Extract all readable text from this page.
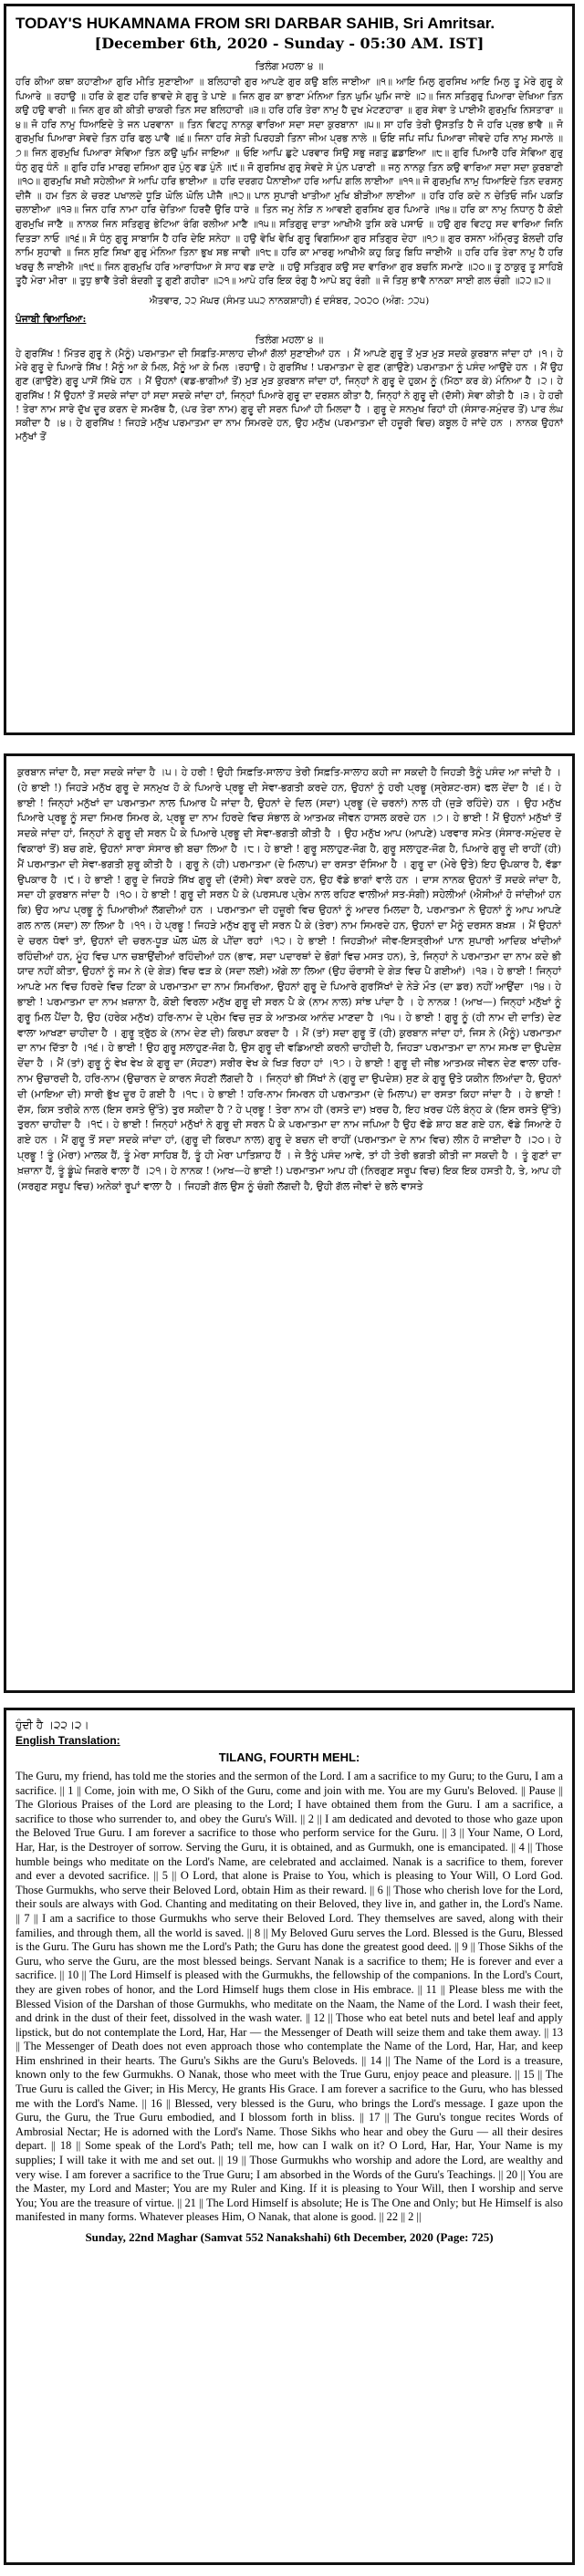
TODAY'S HUKAMNAMA FROM SRI DARBAR SAHIB, Sri Amritsar.
[December 6th, 2020 - Sunday - 05:30 AM. IST]
ਤਿਲੰਗ ਮਹਲਾ ੪ ॥
ਹਰਿ ਕੀਆ ਕਥਾ ਕਹਾਣੀਆ ਗੁਰਿ ਮੀਤਿ ਸੁਣਾਈਆ ॥ ਬਲਿਹਾਰੀ ਗੁਰ ਆਪਣੇ ਗੁਰ ਕਉ ਬਲਿ ਜਾਈਆ ॥੧॥ ਆਇ ਮਿਲੁ ਗੁਰਸਿਖ ਆਇ ਮਿਲੁ ਤੂ ਮੇਰੇ ਗੁਰੂ ਕੇ ਪਿਆਰੇ ॥ ਰਹਾਉ ॥ ਹਰਿ ਕੇ ਗੁਣ ਹਰਿ ਭਾਵਦੇ ਸੇ ਗੁਰੂ ਤੇ ਪਾਏ ॥ ਜਿਨ ਗੁਰ ਕਾ ਭਾਣਾ ਮੰਨਿਆ ਤਿਨ ਘੁਮਿ ਘੁਮਿ ਜਾਏ ॥੨॥ ਜਿਨ ਸਤਿਗੁਰੁ ਪਿਆਰਾ ਦੇਖਿਆ ਤਿਨ ਕਉ ਹਉ ਵਾਰੀ ॥ ਜਿਨ ਗੁਰ ਕੀ ਕੀਤੀ ਚਾਕਰੀ ਤਿਨ ਸਦ ਬਲਿਹਾਰੀ ॥੩॥ ਹਰਿ ਹਰਿ ਤੇਰਾ ਨਾਮੁ ਹੈ ਦੁਖ ਮੇਟਣਹਾਰਾ ॥ ਗੁਰ ਸੇਵਾ ਤੇ ਪਾਈਐ ਗੁਰਮੁਖਿ ਨਿਸਤਾਰਾ ॥੪॥ ਜੋ ਹਰਿ ਨਾਮੁ ਧਿਆਇਦੇ ਤੇ ਜਨ ਪਰਵਾਨਾ ॥ ਤਿਨ ਵਿਟਹੁ ਨਾਨਕੁ ਵਾਰਿਆ ਸਦਾ ਸਦਾ ਕੁਰਬਾਨਾ ॥੫॥ ਸਾ ਹਰਿ ਤੇਰੀ ਉਸਤਤਿ ਹੈ ਜੋ ਹਰਿ ਪ੍ਰਭ ਭਾਵੈ ॥ ਜੋ ਗੁਰਮੁਖਿ ਪਿਆਰਾ ਸੇਵਦੇ ਤਿਨ ਹਰਿ ਫਲੁ ਪਾਵੈ ॥੬॥ ਜਿਨਾ ਹਰਿ ਸੇਤੀ ਪਿਰਹੜੀ ਤਿਨਾ ਜੀਅ ਪ੍ਰਭ ਨਾਲੇ ॥ ਓਇ ਜਪਿ ਜਪਿ ਪਿਆਰਾ ਜੀਵਦੇ ਹਰਿ ਨਾਮੁ ਸਮਾਲੇ ॥੭॥ ਜਿਨ ਗੁਰਮੁਖਿ ਪਿਆਰਾ ਸੇਵਿਆ ਤਿਨ ਕਉ ਘੁਮਿ ਜਾਇਆ ॥ ਓਇ ਆਪਿ ਛੁਟੇ ਪਰਵਾਰ ਸਿਉ ਸਭੁ ਜਗਤੁ ਛਡਾਇਆ ॥੮॥ ਗੁਰਿ ਪਿਆਰੈ ਹਰਿ ਸੇਵਿਆ ਗੁਰੁ ਧੰਨੁ ਗੁਰੁ ਧੰਨੋ ॥ ਗੁਰਿ ਹਰਿ ਮਾਰਗੁ ਦਸਿਆ ਗੁਰ ਪੁੰਨੁ ਵਡ ਪੁੰਨੋ ॥੯॥ ਜੋ ਗੁਰਸਿਖ ਗੁਰੁ ਸੇਵਦੇ ਸੇ ਪੁੰਨ ਪਰਾਣੀ ॥ ਜਨੁ ਨਾਨਕੁ ਤਿਨ ਕਉ ਵਾਰਿਆ ਸਦਾ ਸਦਾ ਕੁਰਬਾਣੀ ॥੧੦॥ ਗੁਰਮੁਖਿ ਸਖੀ ਸਹੇਲੀਆ ਸੇ ਆਪਿ ਹਰਿ ਭਾਈਆ ॥ ਹਰਿ ਦਰਗਹ ਪੈਨਾਈਆ ਹਰਿ ਆਪਿ ਗਲਿ ਲਾਈਆ ॥੧੧॥ ਜੋ ਗੁਰਮੁਖਿ ਨਾਮੁ ਧਿਆਇਦੇ ਤਿਨ ਦਰਸਨੁ ਦੀਜੈ ॥ ਹਮ ਤਿਨ ਕੇ ਚਰਣ ਪਖਾਲਦੇ ਧੂੜਿ ਘੋਲਿ ਘੋਲਿ ਪੀਜੈ ॥੧੨॥ ਪਾਨ ਸੁਪਾਰੀ ਖਾਤੀਆ ਮੁਖਿ ਬੀੜੀਆ ਲਾਈਆ ॥ ਹਰਿ ਹਰਿ ਕਦੇ ਨ ਚੇਤਿਓ ਜਮਿ ਪਕੜਿ ਚਲਾਈਆ ॥੧੩॥ ਜਿਨ ਹਰਿ ਨਾਮਾ ਹਰਿ ਚੇਤਿਆ ਹਿਰਦੈ ਉਰਿ ਧਾਰੇ ॥ ਤਿਨ ਜਮੁ ਨੇੜਿ ਨ ਆਵਈ ਗੁਰਸਿਖ ਗੁਰ ਪਿਆਰੇ ॥੧੪॥ ਹਰਿ ਕਾ ਨਾਮੁ ਨਿਧਾਨੁ ਹੈ ਕੋਈ ਗੁਰਮੁਖਿ ਜਾਣੈ ॥ ਨਾਨਕ ਜਿਨ ਸਤਿਗੁਰੁ ਭੇਟਿਆ ਰੰਗਿ ਰਲੀਆ ਮਾਣੈ ॥੧੫॥ ਸਤਿਗੁਰੁ ਦਾਤਾ ਆਖੀਐ ਤੁਸਿ ਕਰੇ ਪਸਾਓ ॥ ਹਉ ਗੁਰ ਵਿਟਹੁ ਸਦ ਵਾਰਿਆ ਜਿਨਿ ਦਿਤੜਾ ਨਾਓ ॥੧੬॥ ਸੋ ਧੰਨੁ ਗੁਰੂ ਸਾਬਾਸਿ ਹੈ ਹਰਿ ਦੇਇ ਸਨੇਹਾ ॥ ਹਉ ਵੇਖਿ ਵੇਖਿ ਗੁਰੂ ਵਿਗਸਿਆ ਗੁਰ ਸਤਿਗੁਰ ਦੇਹਾ ॥੧੭॥ ਗੁਰ ਰਸਨਾ ਅੰਮ੍ਰਿਤੁ ਬੋਲਦੀ ਹਰਿ ਨਾਮਿ ਸੁਹਾਵੀ ॥ ਜਿਨ ਸੁਣਿ ਸਿਖਾ ਗੁਰੁ ਮੰਨਿਆ ਤਿਨਾ ਭੁਖ ਸਭ ਜਾਵੀ ॥੧੮॥ ਹਰਿ ਕਾ ਮਾਰਗੁ ਆਖੀਐ ਕਹੁ ਕਿਤੁ ਬਿਧਿ ਜਾਈਐ ॥ ਹਰਿ ਹਰਿ ਤੇਰਾ ਨਾਮੁ ਹੈ ਹਰਿ ਖਰਚੁ ਲੈ ਜਾਈਐ ॥੧੯॥ ਜਿਨ ਗੁਰਮੁਖਿ ਹਰਿ ਆਰਾਧਿਆ ਸੇ ਸਾਹ ਵਡ ਦਾਣੇ ॥ ਹਉ ਸਤਿਗੁਰ ਕਉ ਸਦ ਵਾਰਿਆ ਗੁਰ ਬਚਨਿ ਸਮਾਣੇ ॥੨੦॥ ਤੂ ਠਾਕੁਰੁ ਤੂ ਸਾਹਿਬੋ ਤੂਹੈ ਮੇਰਾ ਮੀਰਾ ॥ ਤੁਧੁ ਭਾਵੈ ਤੇਰੀ ਬੰਦਗੀ ਤੂ ਗੁਣੀ ਗਹੀਰਾ ॥੨੧॥ ਆਪੇ ਹਰਿ ਇਕ ਰੰਗੁ ਹੈ ਆਪੇ ਬਹੁ ਰੰਗੀ ॥ ਜੋ ਤਿਸੁ ਭਾਵੈ ਨਾਨਕਾ ਸਾਈ ਗਲ ਚੰਗੀ ॥੨੨॥੨॥
ਐਤਵਾਰ, ੨੨ ਮੱਘਰ (ਸੰਮਤ ੫੫੨ ਨਾਨਕਸ਼ਾਹੀ) ੬ ਦਸੰਬਰ, ੨੦੨੦ (ਅੰਗ: ੭੨੫)
ਪੰਜਾਬੀ ਵਿਆਖਿਆ:
ਤਿਲੰਗ ਮਹਲਾ ੪ ॥
ਹੇ ਗੁਰਸਿੱਖ ! ਮਿੱਤਰ ਗੁਰੂ ਨੇ (ਮੈਨੂੰ) ਪਰਮਾਤਮਾ ਦੀ ਸਿਫ਼ਤਿ-ਸਾਲਾਹ ਦੀਆਂ ਗੱਲਾਂ ਸੁਣਾਈਆਂ ਹਨ । ਮੈਂ ਆਪਣੇ ਗੁਰੂ ਤੋਂ ਮੁੜ ਮੁੜ ਸਦਕੇ ਕੁਰਬਾਨ ਜਾਂਦਾ ਹਾਂ ।੧। ਹੇ ਮੇਰੇ ਗੁਰੂ ਦੇ ਪਿਆਰੇ ਸਿੱਖ ! ਮੈਨੂੰ ਆ ਕੇ ਮਿਲ, ਮੈਨੂੰ ਆ ਕੇ ਮਿਲ ।ਰਹਾਉ। ਹੇ ਗੁਰਸਿੱਖ ! ਪਰਮਾਤਮਾ ਦੇ ਗੁਣ (ਗਾਉਣੇ) ਪਰਮਾਤਮਾ ਨੂੰ ਪਸੰਦ ਆਉਂਦੇ ਹਨ । ਮੈਂ ਉਹ ਗੁਣ (ਗਾਉਣੇ) ਗੁਰੂ ਪਾਸੋਂ ਸਿੱਖੇ ਹਨ । ਮੈਂ ਉਹਨਾਂ (ਵਡ-ਭਾਗੀਆਂ ਤੋਂ) ਮੁੜ ਮੁੜ ਕੁਰਬਾਨ ਜਾਂਦਾ ਹਾਂ, ਜਿਨ੍ਹਾਂ ਨੇ ਗੁਰੂ ਦੇ ਹੁਕਮ ਨੂੰ (ਮਿੱਠਾ ਕਰ ਕੇ) ਮੰਨਿਆ ਹੈ ।੨। ਹੇ ਗੁਰਸਿੱਖ ! ਮੈਂ ਉਹਨਾਂ ਤੋਂ ਸਦਕੇ ਜਾਂਦਾ ਹਾਂ ਸਦਾ ਸਦਕੇ ਜਾਂਦਾ ਹਾਂ, ਜਿਨ੍ਹਾਂ ਪਿਆਰੇ ਗੁਰੂ ਦਾ ਦਰਸ਼ਨ ਕੀਤਾ ਹੈ, ਜਿਨ੍ਹਾਂ ਨੇ ਗੁਰੂ ਦੀ (ਦੱਸੀ) ਸੇਵਾ ਕੀਤੀ ਹੈ ।੩। ਹੇ ਹਰੀ ! ਤੇਰਾ ਨਾਮ ਸਾਰੇ ਦੁੱਖ ਦੂਰ ਕਰਨ ਦੇ ਸਮਰੱਥ ਹੈ, (ਪਰ ਤੇਰਾ ਨਾਮ) ਗੁਰੂ ਦੀ ਸਰਨ ਪਿਆਂ ਹੀ ਮਿਲਦਾ ਹੈ । ਗੁਰੂ ਦੇ ਸਨਮੁਖ ਰਿਹਾਂ ਹੀ (ਸੰਸਾਰ-ਸਮੁੰਦਰ ਤੋਂ) ਪਾਰ ਲੰਘ ਸਕੀਦਾ ਹੈ ।੪। ਹੇ ਗੁਰਸਿੱਖ ! ਜਿਹੜੇ ਮਨੁੱਖ ਪਰਮਾਤਮਾ ਦਾ ਨਾਮ ਸਿਮਰਦੇ ਹਨ, ਉਹ ਮਨੁੱਖ (ਪਰਮਾਤਮਾ ਦੀ ਹਜ਼ੂਰੀ ਵਿਚ) ਕਬੂਲ ਹੋ ਜਾਂਦੇ ਹਨ । ਨਾਨਕ ਉਹਨਾਂ ਮਨੁੱਖਾਂ ਤੋਂ
ਕੁਰਬਾਨ ਜਾਂਦਾ ਹੈ, ਸਦਾ ਸਦਕੇ ਜਾਂਦਾ ਹੈ ।੫। ਹੇ ਹਰੀ ! ਉਹੀ ਸਿਫ਼ਤਿ-ਸਾਲਾਹ ਤੇਰੀ ਸਿਫ਼ਤਿ-ਸਾਲਾਹ ਕਹੀ ਜਾ ਸਕਦੀ ਹੈ ਜਿਹੜੀ ਤੈਨੂੰ ਪਸੰਦ ਆ ਜਾਂਦੀ ਹੈ । (ਹੇ ਭਾਈ !) ਜਿਹੜੇ ਮਨੁੱਖ ਗੁਰੂ ਦੇ ਸਨਮੁਖ ਹੋ ਕੇ ਪਿਆਰੇ ਪ੍ਰਭੂ ਦੀ ਸੇਵਾ-ਭਗਤੀ ਕਰਦੇ ਹਨ, ਉਹਨਾਂ ਨੂੰ ਹਰੀ ਪ੍ਰਭੂ (ਸ੍ਰੇਸ਼ਟ-ਰਸ) ਫਲ ਦੇਂਦਾ ਹੈ ।੬। ਹੇ ਭਾਈ ! ਜਿਨ੍ਹਾਂ ਮਨੁੱਖਾਂ ਦਾ ਪਰਮਾਤਮਾ ਨਾਲ ਪਿਆਰ ਪੈ ਜਾਂਦਾ ਹੈ, ਉਹਨਾਂ ਦੇ ਦਿਲ (ਸਦਾ) ਪ੍ਰਭੂ (ਦੇ ਚਰਨਾਂ) ਨਾਲ ਹੀ (ਜੁੜੇ ਰਹਿੰਦੇ) ਹਨ । ਉਹ ਮਨੁੱਖ ਪਿਆਰੇ ਪ੍ਰਭੂ ਨੂੰ ਸਦਾ ਸਿਮਰ ਸਿਮਰ ਕੇ, ਪ੍ਰਭੂ ਦਾ ਨਾਮ ਹਿਰਦੇ ਵਿਚ ਸੰਭਾਲ ਕੇ ਆਤਮਕ ਜੀਵਨ ਹਾਸਲ ਕਰਦੇ ਹਨ ।੭। ਹੇ ਭਾਈ ! ਮੈਂ ਉਹਨਾਂ ਮਨੁੱਖਾਂ ਤੋਂ ਸਦਕੇ ਜਾਂਦਾ ਹਾਂ, ਜਿਨ੍ਹਾਂ ਨੇ ਗੁਰੂ ਦੀ ਸਰਨ ਪੈ ਕੇ ਪਿਆਰੇ ਪ੍ਰਭੂ ਦੀ ਸੇਵਾ-ਭਗਤੀ ਕੀਤੀ ਹੈ । ਉਹ ਮਨੁੱਖ ਆਪ (ਆਪਣੇ) ਪਰਵਾਰ ਸਮੇਤ (ਸੰਸਾਰ-ਸਮੁੰਦਰ ਦੇ ਵਿਕਾਰਾਂ ਤੋਂ) ਬਚ ਗਏ, ਉਹਨਾਂ ਸਾਰਾ ਸੰਸਾਰ ਭੀ ਬਚਾ ਲਿਆ ਹੈ ।੮। ਹੇ ਭਾਈ ! ਗੁਰੂ ਸਲਾਹੁਣ-ਜੋਗ ਹੈ, ਗੁਰੂ ਸਲਾਹੁਣ-ਜੋਗ ਹੈ, ਪਿਆਰੇ ਗੁਰੂ ਦੀ ਰਾਹੀਂ (ਹੀ) ਮੈਂ ਪਰਮਾਤਮਾ ਦੀ ਸੇਵਾ-ਭਗਤੀ ਸ਼ੁਰੂ ਕੀਤੀ ਹੈ । ਗੁਰੂ ਨੇ (ਹੀ) ਪਰਮਾਤਮਾ (ਦੇ ਮਿਲਾਪ) ਦਾ ਰਸਤਾ ਦੱਸਿਆ ਹੈ । ਗੁਰੂ ਦਾ (ਮੇਰੇ ਉਤੇ) ਇਹ ਉਪਕਾਰ ਹੈ, ਵੱਡਾ ਉਪਕਾਰ ਹੈ ।੯। ਹੇ ਭਾਈ ! ਗੁਰੂ ਦੇ ਜਿਹੜੇ ਸਿੱਖ ਗੁਰੂ ਦੀ (ਦੱਸੀ) ਸੇਵਾ ਕਰਦੇ ਹਨ, ਉਹ ਵੱਡੇ ਭਾਗਾਂ ਵਾਲੇ ਹਨ । ਦਾਸ ਨਾਨਕ ਉਹਨਾਂ ਤੋਂ ਸਦਕੇ ਜਾਂਦਾ ਹੈ, ਸਦਾ ਹੀ ਕੁਰਬਾਨ ਜਾਂਦਾ ਹੈ ।੧੦। ਹੇ ਭਾਈ ! ਗੁਰੂ ਦੀ ਸਰਨ ਪੈ ਕੇ (ਪਰਸਪਰ ਪ੍ਰੇਮ ਨਾਲ ਰਹਿਣ ਵਾਲੀਆਂ ਸਤ-ਸੰਗੀ) ਸਹੇਲੀਆਂ (ਐਸੀਆਂ ਹੋ ਜਾਂਦੀਆਂ ਹਨ ਕਿ) ਉਹ ਆਪ ਪ੍ਰਭੂ ਨੂੰ ਪਿਆਰੀਆਂ ਲੱਗਦੀਆਂ ਹਨ । ਪਰਮਾਤਮਾ ਦੀ ਹਜ਼ੂਰੀ ਵਿਚ ਉਹਨਾਂ ਨੂੰ ਆਦਰ ਮਿਲਦਾ ਹੈ, ਪਰਮਾਤਮਾ ਨੇ ਉਹਨਾਂ ਨੂੰ ਆਪ ਆਪਣੇ ਗਲ ਨਾਲ (ਸਦਾ) ਲਾ ਲਿਆ ਹੈ ।੧੧। ਹੇ ਪ੍ਰਭੂ ! ਜਿਹੜੇ ਮਨੁੱਖ ਗੁਰੂ ਦੀ ਸਰਨ ਪੈ ਕੇ (ਤੇਰਾ) ਨਾਮ ਸਿਮਰਦੇ ਹਨ, ਉਹਨਾਂ ਦਾ ਮੈਨੂੰ ਦਰਸਨ ਬਖ਼ਸ਼ । ਮੈਂ ਉਹਨਾਂ ਦੇ ਚਰਨ ਧੋਵਾਂ ਤਾਂ, ਉਹਨਾਂ ਦੀ ਚਰਨ-ਧੂੜ ਘੋਲ ਘੋਲ ਕੇ ਪੀਂਦਾ ਰਹਾਂ ।੧੨। ਹੇ ਭਾਈ ! ਜਿਹੜੀਆਂ ਜੀਵ-ਇਸਤ੍ਰੀਆਂ ਪਾਨ ਸੁਪਾਰੀ ਆਦਿਕ ਖਾਂਦੀਆਂ ਰਹਿੰਦੀਆਂ ਹਨ, ਮੂੰਹ ਵਿਚ ਪਾਨ ਚਬਾਉਂਦੀਆਂ ਰਹਿੰਦੀਆਂ ਹਨ (ਭਾਵ, ਸਦਾ ਪਦਾਰਥਾਂ ਦੇ ਭੋਗਾਂ ਵਿਚ ਮਸਤ ਹਨ), ਤੇ, ਜਿਨ੍ਹਾਂ ਨੇ ਪਰਮਾਤਮਾ ਦਾ ਨਾਮ ਕਦੇ ਭੀ ਯਾਦ ਨਹੀਂ ਕੀਤਾ, ਉਹਨਾਂ ਨੂੰ ਜਮ ਨੇ (ਦੇ ਗੇੜ) ਵਿਚ ਫੜ ਕੇ (ਸਦਾ ਲਈ) ਅੱਗੇ ਲਾ ਲਿਆ (ਉਹ ਚੌਰਾਸੀ ਦੇ ਗੇੜ ਵਿਚ ਪੈ ਗਈਆਂ) ।੧੩। ਹੇ ਭਾਈ ! ਜਿਨ੍ਹਾਂ ਆਪਣੇ ਮਨ ਵਿਚ ਹਿਰਦੇ ਵਿਚ ਟਿਕਾ ਕੇ ਪਰਮਾਤਮਾ ਦਾ ਨਾਮ ਸਿਮਰਿਆ, ਉਹਨਾਂ ਗੁਰੂ ਦੇ ਪਿਆਰੇ ਗੁਰਸਿੱਖਾਂ ਦੇ ਨੇੜੇ ਮੌਤ (ਦਾ ਡਰ) ਨਹੀਂ ਆਉਂਦਾ ।੧੪। ਹੇ ਭਾਈ ! ਪਰਮਾਤਮਾ ਦਾ ਨਾਮ ਖ਼ਜ਼ਾਨਾ ਹੈ, ਕੋਈ ਵਿਰਲਾ ਮਨੁੱਖ ਗੁਰੂ ਦੀ ਸਰਨ ਪੈ ਕੇ (ਨਾਮ ਨਾਲ) ਸਾਂਝ ਪਾਂਦਾ ਹੈ । ਹੇ ਨਾਨਕ ! (ਆਖ—) ਜਿਨ੍ਹਾਂ ਮਨੁੱਖਾਂ ਨੂੰ ਗੁਰੂ ਮਿਲ ਪੈਂਦਾ ਹੈ, ਉਹ (ਹਰੇਕ ਮਨੁੱਖ) ਹਰਿ-ਨਾਮ ਦੇ ਪ੍ਰੇਮ ਵਿਚ ਜੁੜ ਕੇ ਆਤਮਕ ਆਨੰਦ ਮਾਣਦਾ ਹੈ ।੧੫। ਹੇ ਭਾਈ ! ਗੁਰੂ ਨੂੰ (ਹੀ ਨਾਮ ਦੀ ਦਾਤਿ) ਦੇਣ ਵਾਲਾ ਆਖਣਾ ਚਾਹੀਦਾ ਹੈ । ਗੁਰੂ ਤ੍ਰੁੱਠ ਕੇ (ਨਾਮ ਦੇਣ ਦੀ) ਕਿਰਪਾ ਕਰਦਾ ਹੈ । ਮੈਂ (ਤਾਂ) ਸਦਾ ਗੁਰੂ ਤੋਂ (ਹੀ) ਕੁਰਬਾਨ ਜਾਂਦਾ ਹਾਂ, ਜਿਸ ਨੇ (ਮੈਨੂੰ) ਪਰਮਾਤਮਾ ਦਾ ਨਾਮ ਦਿੱਤਾ ਹੈ ।੧੬। ਹੇ ਭਾਈ ! ਉਹ ਗੁਰੂ ਸਲਾਹੁਣ-ਜੋਗ ਹੈ, ਉਸ ਗੁਰੂ ਦੀ ਵਡਿਆਈ ਕਰਨੀ ਚਾਹੀਦੀ ਹੈ, ਜਿਹੜਾ ਪਰਮਾਤਮਾ ਦਾ ਨਾਮ ਸਮਝ ਦਾ ਉਪਦੇਸ਼ ਦੇਂਦਾ ਹੈ । ਮੈਂ (ਤਾਂ) ਗੁਰੂ ਨੂੰ ਵੇਖ ਵੇਖ ਕੇ ਗੁਰੂ ਦਾ (ਸੋਹਣਾ) ਸਰੀਰ ਵੇਖ ਕੇ ਖਿੜ ਰਿਹਾ ਹਾਂ ।੧੭। ਹੇ ਭਾਈ ! ਗੁਰੂ ਦੀ ਜੀਭ ਆਤਮਕ ਜੀਵਨ ਦੇਣ ਵਾਲਾ ਹਰਿ-ਨਾਮ ਉਚਾਰਦੀ ਹੈ, ਹਰਿ-ਨਾਮ (ਉਚਾਰਨ ਦੇ ਕਾਰਨ ਸੋਹਣੀ ਲੱਗਦੀ ਹੈ । ਜਿਨ੍ਹਾਂ ਭੀ ਸਿੱਖਾਂ ਨੇ (ਗੁਰੂ ਦਾ ਉਪਦੇਸ਼) ਸੁਣ ਕੇ ਗੁਰੂ ਉਤੇ ਯਕੀਨ ਲਿਆਂਦਾ ਹੈ, ਉਹਨਾਂ ਦੀ (ਮਾਇਆ ਦੀ) ਸਾਰੀ ਭੁੱਖ ਦੂਰ ਹੋ ਗਈ ਹੈ ।੧੮। ਹੇ ਭਾਈ ! ਹਰਿ-ਨਾਮ ਸਿਮਰਨ ਹੀ ਪਰਮਾਤਮਾ (ਦੇ ਮਿਲਾਪ) ਦਾ ਰਸਤਾ ਕਿਹਾ ਜਾਂਦਾ ਹੈ । ਹੇ ਭਾਈ ! ਦੱਸ, ਕਿਸ ਤਰੀਕੇ ਨਾਲ (ਇਸ ਰਸਤੇ ਉੱਤੇ) ਤੁਰ ਸਕੀਦਾ ਹੈ ? ਹੇ ਪ੍ਰਭੂ ! ਤੇਰਾ ਨਾਮ ਹੀ (ਰਸਤੇ ਦਾ) ਖ਼ਰਚ ਹੈ, ਇਹ ਖ਼ਰਚ ਪੱਲੇ ਬੰਨ੍ਹ ਕੇ (ਇਸ ਰਸਤੇ ਉੱਤੇ) ਤੁਰਨਾ ਚਾਹੀਦਾ ਹੈ ।੧੯। ਹੇ ਭਾਈ ! ਜਿਨ੍ਹਾਂ ਮਨੁੱਖਾਂ ਨੇ ਗੁਰੂ ਦੀ ਸਰਨ ਪੈ ਕੇ ਪਰਮਾਤਮਾ ਦਾ ਨਾਮ ਜਪਿਆ ਹੈ ਉਹ ਵੱਡੇ ਸ਼ਾਹ ਬਣ ਗਏ ਹਨ, ਵੱਡੇ ਸਿਆਣੇ ਹੋ ਗਏ ਹਨ । ਮੈਂ ਗੁਰੂ ਤੋਂ ਸਦਾ ਸਦਕੇ ਜਾਂਦਾ ਹਾਂ, (ਗੁਰੂ ਦੀ ਕਿਰਪਾ ਨਾਲ) ਗੁਰੂ ਦੇ ਬਚਨ ਦੀ ਰਾਹੀਂ (ਪਰਮਾਤਮਾ ਦੇ ਨਾਮ ਵਿਚ) ਲੀਨ ਹੋ ਜਾਈਦਾ ਹੈ ।੨੦। ਹੇ ਪ੍ਰਭੂ ! ਤੂੰ (ਮੇਰਾ) ਮਾਲਕ ਹੈਂ, ਤੂੰ ਮੇਰਾ ਸਾਹਿਬ ਹੈਂ, ਤੂੰ ਹੀ ਮੇਰਾ ਪਾਤਿਸ਼ਾਹ ਹੈਂ । ਜੇ ਤੈਨੂੰ ਪਸੰਦ ਆਵੇ, ਤਾਂ ਹੀ ਤੇਰੀ ਭਗਤੀ ਕੀਤੀ ਜਾ ਸਕਦੀ ਹੈ । ਤੂੰ ਗੁਣਾਂ ਦਾ ਖ਼ਜ਼ਾਨਾ ਹੈਂ, ਤੂੰ ਡੂੰਘੇ ਜਿਗਰੇ ਵਾਲਾ ਹੈਂ ।੨੧। ਹੇ ਨਾਨਕ ! (ਆਖ—ਹੇ ਭਾਈ !) ਪਰਮਾਤਮਾ ਆਪ ਹੀ (ਨਿਰਗੁਣ ਸਰੂਪ ਵਿਚ) ਇਕ ਇਕ ਹਸਤੀ ਹੈ, ਤੇ, ਆਪ ਹੀ (ਸਰਗੁਣ ਸਰੂਪ ਵਿਚ) ਅਨੇਕਾਂ ਰੂਪਾਂ ਵਾਲਾ ਹੈ । ਜਿਹੜੀ ਗੱਲ ਉਸ ਨੂੰ ਚੰਗੀ ਲੱਗਦੀ ਹੈ, ਉਹੀ ਗੱਲ ਜੀਵਾਂ ਦੇ ਭਲੇ ਵਾਸਤੇ
ਹੁੰਦੀ ਹੈ ।੨੨।੨।
English Translation:
TILANG, FOURTH MEHL:
The Guru, my friend, has told me the stories and the sermon of the Lord. I am a sacrifice to my Guru; to the Guru, I am a sacrifice. || 1 || Come, join with me, O Sikh of the Guru, come and join with me. You are my Guru's Beloved. || Pause || The Glorious Praises of the Lord are pleasing to the Lord; I have obtained them from the Guru. I am a sacrifice, a sacrifice to those who surrender to, and obey the Guru's Will. || 2 || I am dedicated and devoted to those who gaze upon the Beloved True Guru. I am forever a sacrifice to those who perform service for the Guru. || 3 || Your Name, O Lord, Har, Har, is the Destroyer of sorrow. Serving the Guru, it is obtained, and as Gurmukh, one is emancipated. || 4 || Those humble beings who meditate on the Lord's Name, are celebrated and acclaimed. Nanak is a sacrifice to them, forever and ever a devoted sacrifice. || 5 || O Lord, that alone is Praise to You, which is pleasing to Your Will, O Lord God. Those Gurmukhs, who serve their Beloved Lord, obtain Him as their reward. || 6 || Those who cherish love for the Lord, their souls are always with God. Chanting and meditating on their Beloved, they live in, and gather in, the Lord's Name. || 7 || I am a sacrifice to those Gurmukhs who serve their Beloved Lord. They themselves are saved, along with their families, and through them, all the world is saved. || 8 || My Beloved Guru serves the Lord. Blessed is the Guru, Blessed is the Guru. The Guru has shown me the Lord's Path; the Guru has done the greatest good deed. || 9 || Those Sikhs of the Guru, who serve the Guru, are the most blessed beings. Servant Nanak is a sacrifice to them; He is forever and ever a sacrifice. || 10 || The Lord Himself is pleased with the Gurmukhs, the fellowship of the companions. In the Lord's Court, they are given robes of honor, and the Lord Himself hugs them close in His embrace. || 11 || Please bless me with the Blessed Vision of the Darshan of those Gurmukhs, who meditate on the Naam, the Name of the Lord. I wash their feet, and drink in the dust of their feet, dissolved in the wash water. || 12 || Those who eat betel nuts and betel leaf and apply lipstick, but do not contemplate the Lord, Har, Har — the Messenger of Death will seize them and take them away. || 13 || The Messenger of Death does not even approach those who contemplate the Name of the Lord, Har, Har, and keep Him enshrined in their hearts. The Guru's Sikhs are the Guru's Beloveds. || 14 || The Name of the Lord is a treasure, known only to the few Gurmukhs. O Nanak, those who meet with the True Guru, enjoy peace and pleasure. || 15 || The True Guru is called the Giver; in His Mercy, He grants His Grace. I am forever a sacrifice to the Guru, who has blessed me with the Lord's Name. || 16 || Blessed, very blessed is the Guru, who brings the Lord's message. I gaze upon the Guru, the Guru, the True Guru embodied, and I blossom forth in bliss. || 17 || The Guru's tongue recites Words of Ambrosial Nectar; He is adorned with the Lord's Name. Those Sikhs who hear and obey the Guru — all their desires depart. || 18 || Some speak of the Lord's Path; tell me, how can I walk on it? O Lord, Har, Har, Your Name is my supplies; I will take it with me and set out. || 19 || Those Gurmukhs who worship and adore the Lord, are wealthy and very wise. I am forever a sacrifice to the True Guru; I am absorbed in the Words of the Guru's Teachings. || 20 || You are the Master, my Lord and Master; You are my Ruler and King. If it is pleasing to Your Will, then I worship and serve You; You are the treasure of virtue. || 21 || The Lord Himself is absolute; He is The One and Only; but He Himself is also manifested in many forms. Whatever pleases Him, O Nanak, that alone is good. || 22 || 2 ||
Sunday, 22nd Maghar (Samvat 552 Nanakshahi) 6th December, 2020 (Page: 725)
